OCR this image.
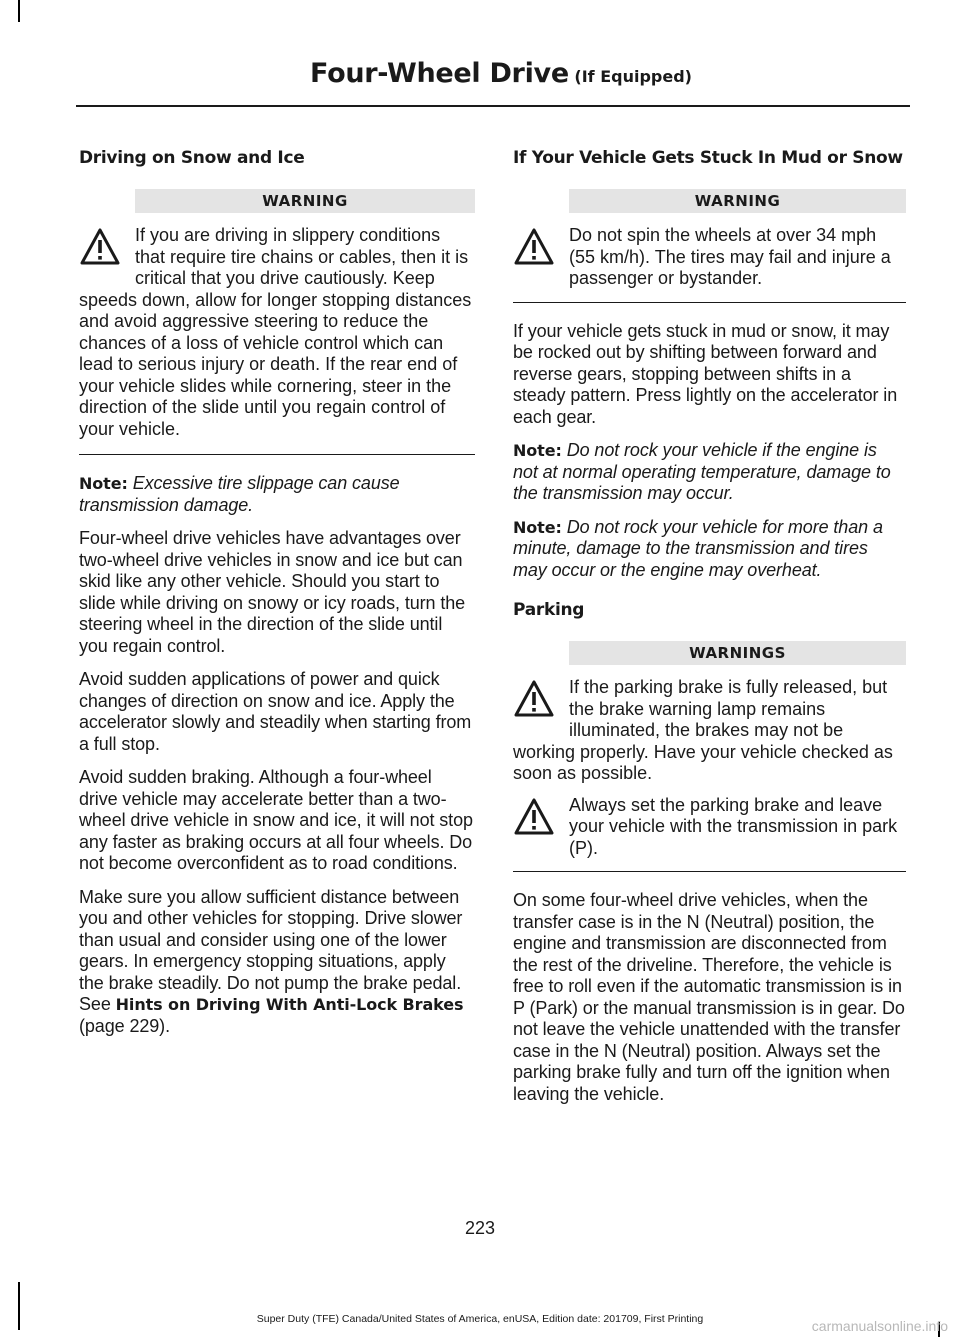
Four-Wheel Drive (If Equipped)
Driving on Snow and Ice
WARNING
If you are driving in slippery conditions that require tire chains or cables, then it is critical that you drive cautiously. Keep speeds down, allow for longer stopping distances and avoid aggressive steering to reduce the chances of a loss of vehicle control which can lead to serious injury or death. If the rear end of your vehicle slides while cornering, steer in the direction of the slide until you regain control of your vehicle.

Note: Excessive tire slippage can cause transmission damage.

Four-wheel drive vehicles have advantages over two-wheel drive vehicles in snow and ice but can skid like any other vehicle. Should you start to slide while driving on snowy or icy roads, turn the steering wheel in the direction of the slide until you regain control.

Avoid sudden applications of power and quick changes of direction on snow and ice. Apply the accelerator slowly and steadily when starting from a full stop.

Avoid sudden braking. Although a four-wheel drive vehicle may accelerate better than a two-wheel drive vehicle in snow and ice, it will not stop any faster as braking occurs at all four wheels. Do not become overconfident as to road conditions.

Make sure you allow sufficient distance between you and other vehicles for stopping. Drive slower than usual and consider using one of the lower gears. In emergency stopping situations, apply the brake steadily. Do not pump the brake pedal. See Hints on Driving With Anti-Lock Brakes (page 229).

If Your Vehicle Gets Stuck In Mud or Snow
WARNING
Do not spin the wheels at over 34 mph (55 km/h). The tires may fail and injure a passenger or bystander.

If your vehicle gets stuck in mud or snow, it may be rocked out by shifting between forward and reverse gears, stopping between shifts in a steady pattern. Press lightly on the accelerator in each gear.

Note: Do not rock your vehicle if the engine is not at normal operating temperature, damage to the transmission may occur.

Note: Do not rock your vehicle for more than a minute, damage to the transmission and tires may occur or the engine may overheat.

Parking
WARNINGS
If the parking brake is fully released, but the brake warning lamp remains illuminated, the brakes may not be working properly. Have your vehicle checked as soon as possible.
Always set the parking brake and leave your vehicle with the transmission in park (P).

On some four-wheel drive vehicles, when the transfer case is in the N (Neutral) position, the engine and transmission are disconnected from the rest of the driveline. Therefore, the vehicle is free to roll even if the automatic transmission is in P (Park) or the manual transmission is in gear. Do not leave the vehicle unattended with the transfer case in the N (Neutral) position. Always set the parking brake fully and turn off the ignition when leaving the vehicle.

223
Super Duty (TFE) Canada/United States of America, enUSA, Edition date: 201709, First Printing	carmanualsonline.info
